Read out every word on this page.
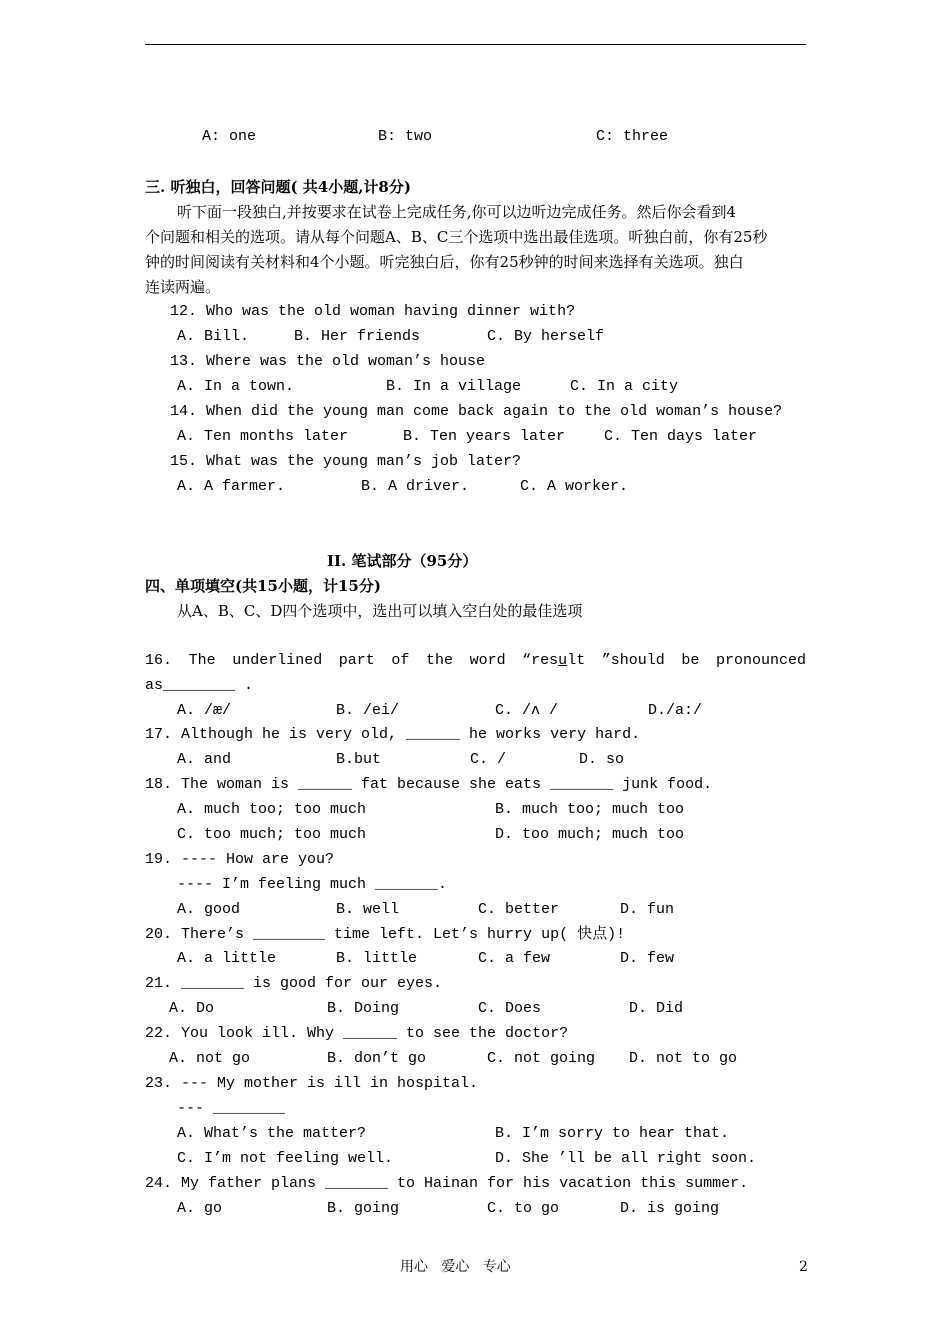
A: one	B: two	C: three
三. 听独白，回答问题( 共4小题,计8分)
听下面一段独白,并按要求在试卷上完成任务,你可以边听边完成任务。然后你会看到4
个问题和相关的选项。请从每个问题A、B、C三个选项中选出最佳选项。听独白前，你有25秒
钟的时间阅读有关材料和4个小题。听完独白后，你有25秒钟的时间来选择有关选项。独白
连读两遍。
12. Who was the old woman having dinner with?
A. Bill.	B. Her friends	C. By herself
13. Where was the old woman’s house
A. In a town.	B. In a village	C. In a city
14. When did the young man come back again to the old woman’s house?
A. Ten months later	B. Ten years later	C. Ten days later
15. What was the young man’s job later?
A. A farmer.	B. A driver.	C. A worker.
II. 笔试部分（95分）
四、单项填空(共15小题，计15分)
从A、B、C、D四个选项中，选出可以填入空白处的最佳选项
16. The underlined part of the word “result ”should be pronounced
as________ .
A. /æ/	B. /ei/	C. /ʌ /	D./a:/
17. Although he is very old, ______ he works very hard.
A. and	B.but	C. /	D. so
18. The woman is ______ fat because she eats _______ junk food.
A. much too; too much	B. much too; much too
C. too much; too much	D. too much; much too
19. ---- How are you?
---- I’m feeling much _______.
A. good	B. well	C. better	D. fun
20. There’s ________ time left. Let’s hurry up( 快点)!
A. a little	B. little	C. a few	D. few
21. _______ is good for our eyes.
A. Do	B. Doing	C. Does	D. Did
22. You look ill. Why ______ to see the doctor?
A. not go	B. don’t go	C. not going D. not to go
23. --- My mother is ill in hospital.
--- ________
A. What’s the matter?	B. I’m sorry to hear that.
C. I’m not feeling well.	D. She ’ll be all right soon.
24. My father plans _______ to Hainan for his vacation this summer.
A. go	B. going	C. to go	D. is going
用心   爱心   专心	2
